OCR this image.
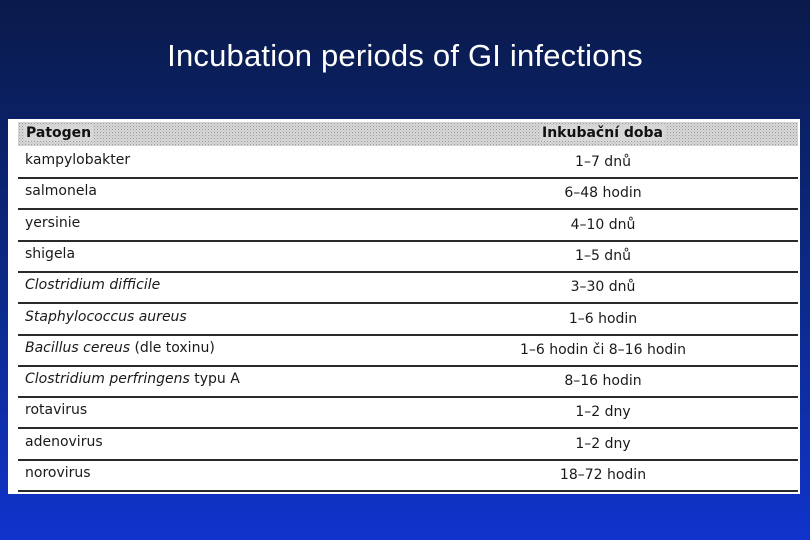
Incubation periods of GI infections
Patogen	Inkubační doba
kampylobakter	1–7 dnů
salmonela	6–48 hodin
yersinie	4–10 dnů
shigela	1–5 dnů
Clostridium difficile	3–30 dnů
Staphylococcus aureus	1–6 hodin
Bacillus cereus (dle toxinu)	1–6 hodin či 8–16 hodin
Clostridium perfringens typu A	8–16 hodin
rotavirus	1–2 dny
adenovirus	1–2 dny
norovirus	18–72 hodin
